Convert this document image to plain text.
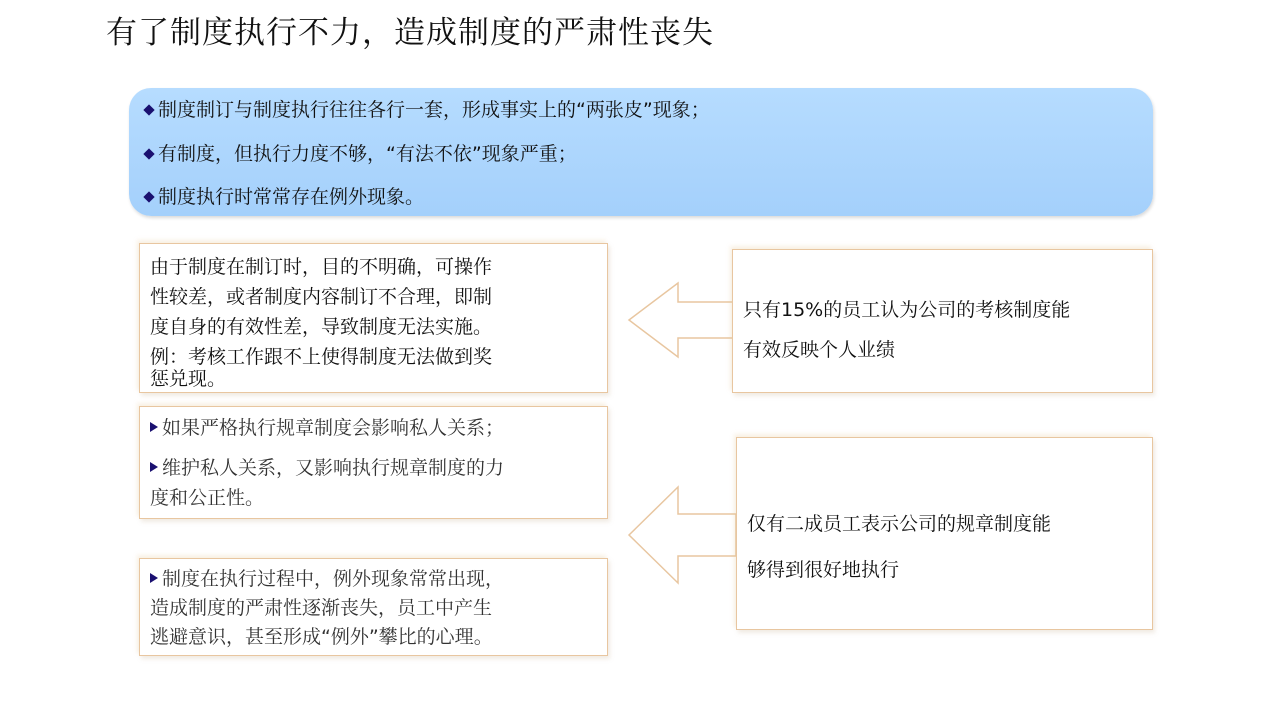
有了制度执行不力，造成制度的严肃性丧失
制度制订与制度执行往往各行一套，形成事实上的“两张皮”现象；
有制度，但执行力度不够，“有法不依”现象严重；
制度执行时常常存在例外现象。
由于制度在制订时，目的不明确，可操作
性较差，或者制度内容制订不合理，即制
度自身的有效性差，导致制度无法实施。
例：考核工作跟不上使得制度无法做到奖
惩兑现。
如果严格执行规章制度会影响私人关系；
维护私人关系，又影响执行规章制度的力
度和公正性。
制度在执行过程中，例外现象常常出现，
造成制度的严肃性逐渐丧失，员工中产生
逃避意识，甚至形成“例外”攀比的心理。
只有15%的员工认为公司的考核制度能
有效反映个人业绩
仅有二成员工表示公司的规章制度能
够得到很好地执行
